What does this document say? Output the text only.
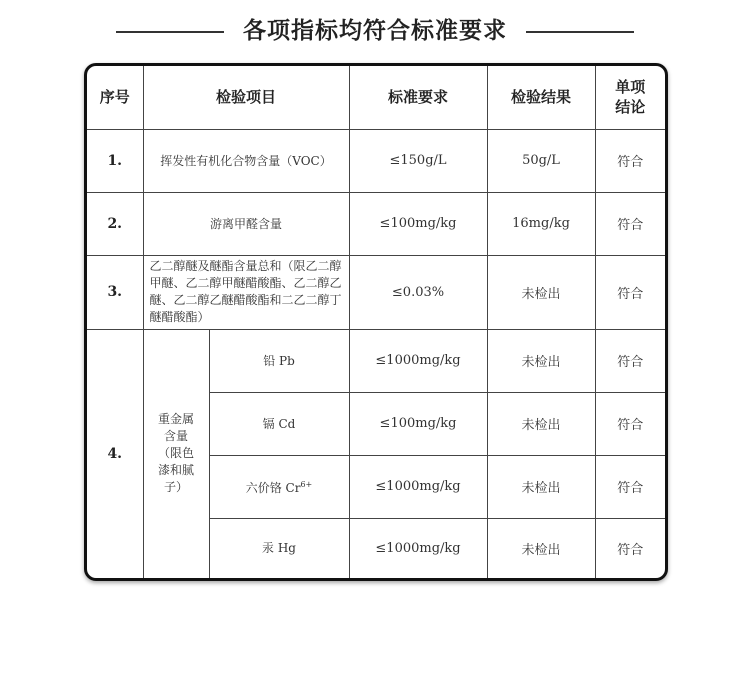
各项指标均符合标准要求
序号	检验项目		标准要求	检验结果	单项
结论

1.	挥发性有机化合物含量（VOC）		≤150g/L	50g/L	符合
2.	游离甲醛含量		≤100mg/kg	16mg/kg	符合
3.	乙二醇醚及醚酯含量总和（限乙二醇甲醚、乙二醇甲醚醋酸酯、乙二醇乙醚、乙二醇乙醚醋酸酯和二乙二醇丁醚醋酸酯）		≤0.03%	未检出	符合
4.	重金属含量（限色漆和腻子）	铅 Pb	≤1000mg/kg	未检出	符合
		镉 Cd	≤100mg/kg	未检出	符合
		六价铬 $Cr^{6+}$	≤1000mg/kg	未检出	符合
		汞 Hg	≤1000mg/kg	未检出	符合
